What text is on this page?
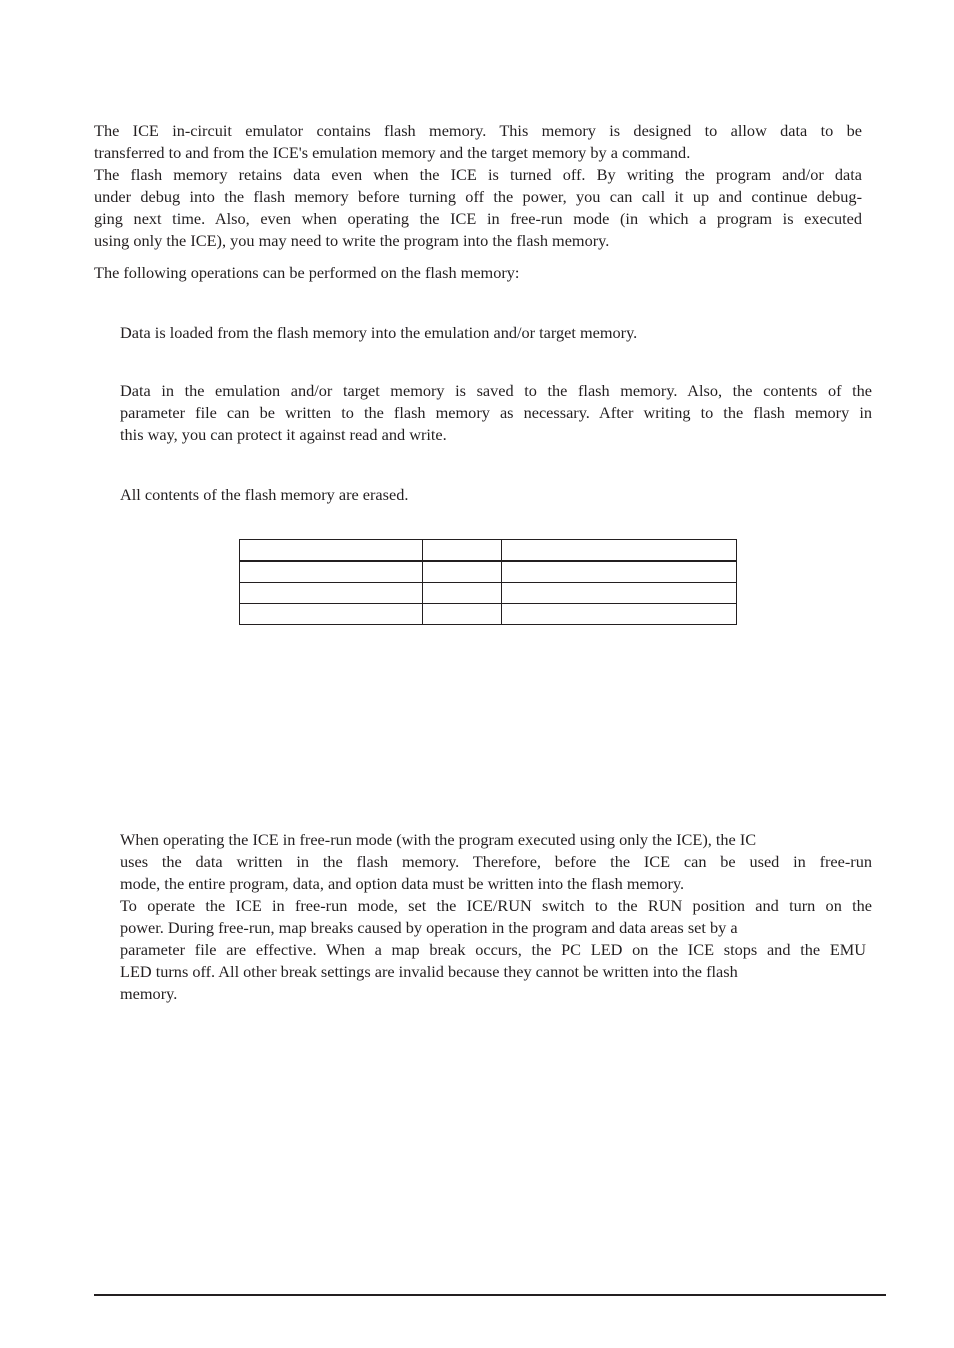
The ICE in-circuit emulator contains flash memory. This memory is designed to allow data to be
transferred to and from the ICE's emulation memory and the target memory by a command.
The flash memory retains data even when the ICE is turned off. By writing the program and/or data
under debug into the flash memory before turning off the power, you can call it up and continue debug-
ging next time. Also, even when operating the ICE in free-run mode (in which a program is executed
using only the ICE), you may need to write the program into the flash memory.
The following operations can be performed on the flash memory:
Data is loaded from the flash memory into the emulation and/or target memory.
Data in the emulation and/or target memory is saved to the flash memory. Also, the contents of the
parameter file can be written to the flash memory as necessary. After writing to the flash memory in
this way, you can protect it against read and write.
All contents of the flash memory are erased.

When operating the ICE in free-run mode (with the program executed using only the ICE), the IC
uses the data written in the flash memory. Therefore, before the ICE can be used in free-run
mode, the entire program, data, and option data must be written into the flash memory.
To operate the ICE in free-run mode, set the ICE/RUN switch to the RUN position and turn on the
power. During free-run, map breaks caused by operation in the program and data areas set by a
parameter file are effective. When a map break occurs, the PC LED on the ICE stops and the EMU
LED turns off. All other break settings are invalid because they cannot be written into the flash
memory.
